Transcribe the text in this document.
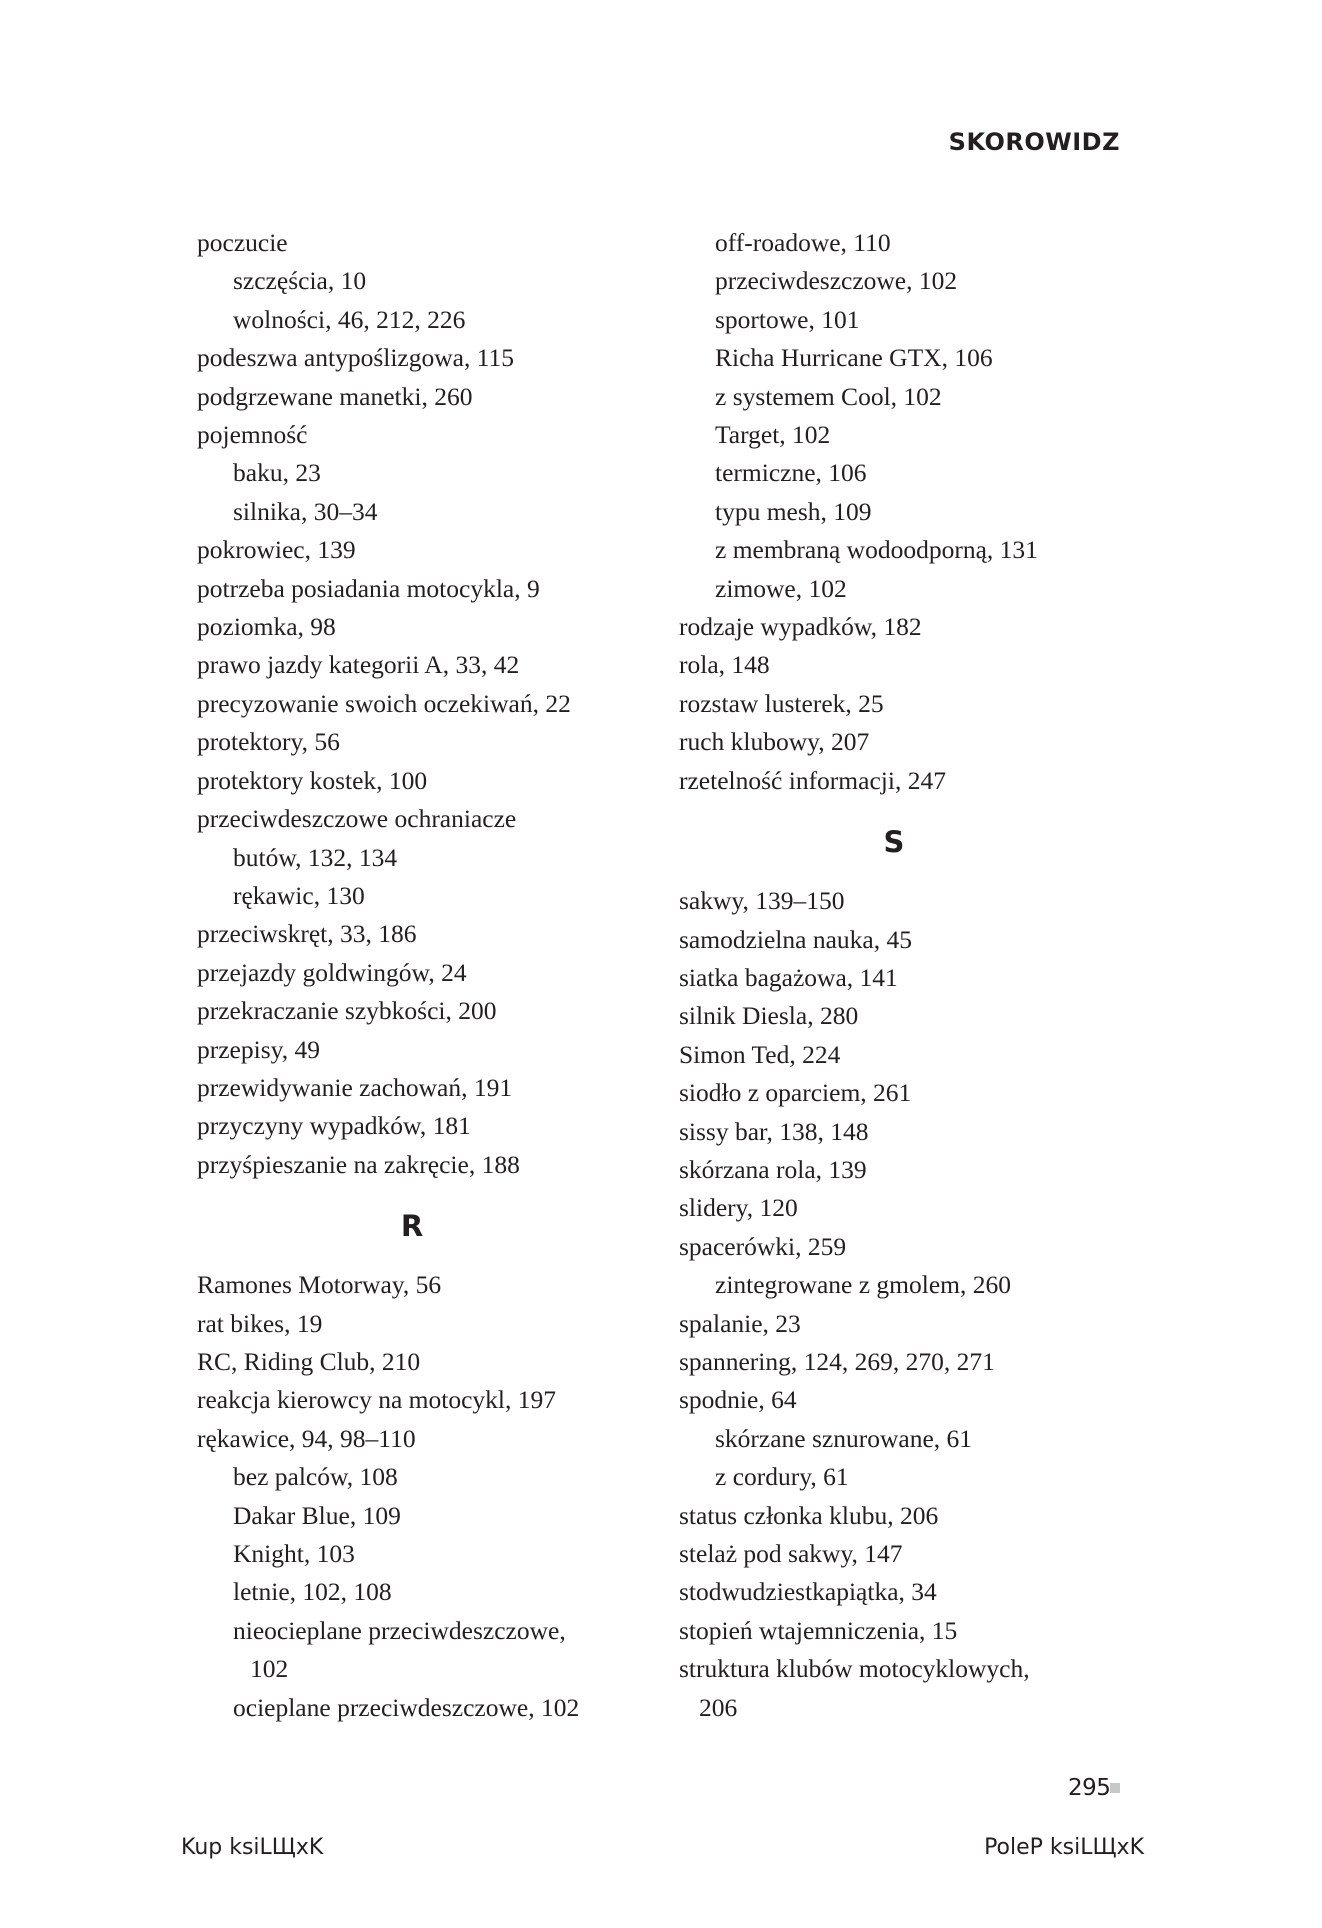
SKOROWIDZ
poczucie
szczęścia, 10
wolności, 46, 212, 226
podeszwa antypoślizgowa, 115
podgrzewane manetki, 260
pojemność
baku, 23
silnika, 30–34
pokrowiec, 139
potrzeba posiadania motocykla, 9
poziomka, 98
prawo jazdy kategorii A, 33, 42
precyzowanie swoich oczekiwań, 22
protektory, 56
protektory kostek, 100
przeciwdeszczowe ochraniacze
butów, 132, 134
rękawic, 130
przeciwskręt, 33, 186
przejazdy goldwingów, 24
przekraczanie szybkości, 200
przepisy, 49
przewidywanie zachowań, 191
przyczyny wypadków, 181
przyśpieszanie na zakręcie, 188
R
Ramones Motorway, 56
rat bikes, 19
RC, Riding Club, 210
reakcja kierowcy na motocykl, 197
rękawice, 94, 98–110
bez palców, 108
Dakar Blue, 109
Knight, 103
letnie, 102, 108
nieocieplane przeciwdeszczowe,
102
ocieplane przeciwdeszczowe, 102
off-roadowe, 110
przeciwdeszczowe, 102
sportowe, 101
Richa Hurricane GTX, 106
z systemem Cool, 102
Target, 102
termiczne, 106
typu mesh, 109
z membraną wodoodporną, 131
zimowe, 102
rodzaje wypadków, 182
rola, 148
rozstaw lusterek, 25
ruch klubowy, 207
rzetelność informacji, 247
S
sakwy, 139–150
samodzielna nauka, 45
siatka bagażowa, 141
silnik Diesla, 280
Simon Ted, 224
siodło z oparciem, 261
sissy bar, 138, 148
skórzana rola, 139
slidery, 120
spacerówki, 259
zintegrowane z gmolem, 260
spalanie, 23
spannering, 124, 269, 270, 271
spodnie, 64
skórzane sznurowane, 61
z cordury, 61
status członka klubu, 206
stelaż pod sakwy, 147
stodwudziestkapiątka, 34
stopień wtajemniczenia, 15
struktura klubów motocyklowych,
206
295
Kup ksiLЩxK	PoleP ksiLЩxK
